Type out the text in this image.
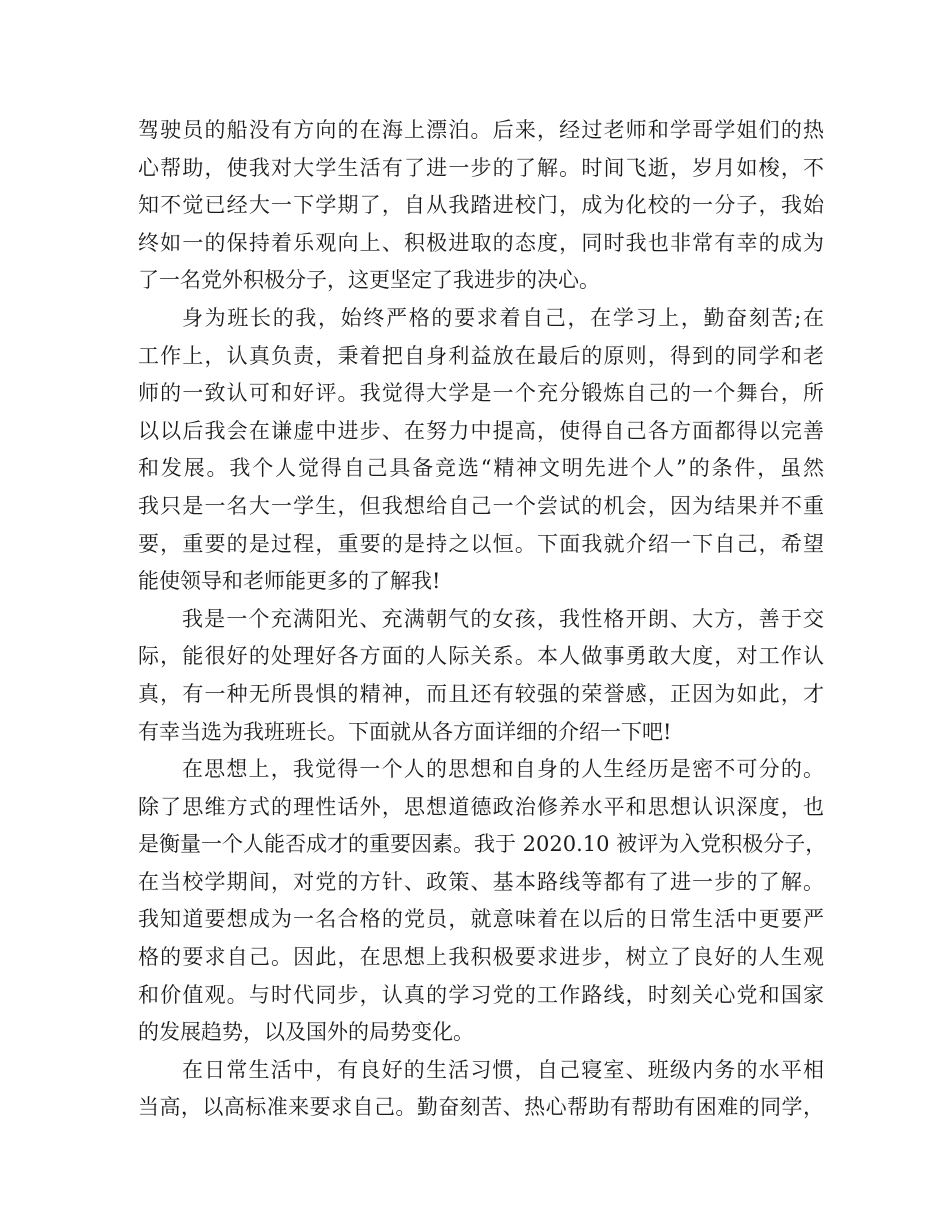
驾驶员的船没有方向的在海上漂泊。后来，经过老师和学哥学姐们的热
心帮助，使我对大学生活有了进一步的了解。时间飞逝，岁月如梭，不
知不觉已经大一下学期了，自从我踏进校门，成为化校的一分子，我始
终如一的保持着乐观向上、积极进取的态度，同时我也非常有幸的成为
了一名党外积极分子，这更坚定了我进步的决心。
身为班长的我，始终严格的要求着自己，在学习上，勤奋刻苦;在
工作上，认真负责，秉着把自身利益放在最后的原则，得到的同学和老
师的一致认可和好评。我觉得大学是一个充分锻炼自己的一个舞台，所
以以后我会在谦虚中进步、在努力中提高，使得自己各方面都得以完善
和发展。我个人觉得自己具备竞选“精神文明先进个人”的条件，虽然
我只是一名大一学生，但我想给自己一个尝试的机会，因为结果并不重
要，重要的是过程，重要的是持之以恒。下面我就介绍一下自己，希望
能使领导和老师能更多的了解我!
我是一个充满阳光、充满朝气的女孩，我性格开朗、大方，善于交
际，能很好的处理好各方面的人际关系。本人做事勇敢大度，对工作认
真，有一种无所畏惧的精神，而且还有较强的荣誉感，正因为如此，才
有幸当选为我班班长。下面就从各方面详细的介绍一下吧!
在思想上，我觉得一个人的思想和自身的人生经历是密不可分的。
除了思维方式的理性话外，思想道德政治修养水平和思想认识深度，也
是衡量一个人能否成才的重要因素。我于 2020.10 被评为入党积极分子，
在当校学期间，对党的方针、政策、基本路线等都有了进一步的了解。
我知道要想成为一名合格的党员，就意味着在以后的日常生活中更要严
格的要求自己。因此，在思想上我积极要求进步，树立了良好的人生观
和价值观。与时代同步，认真的学习党的工作路线，时刻关心党和国家
的发展趋势，以及国外的局势变化。
在日常生活中，有良好的生活习惯，自己寝室、班级内务的水平相
当高，以高标准来要求自己。勤奋刻苦、热心帮助有帮助有困难的同学，
